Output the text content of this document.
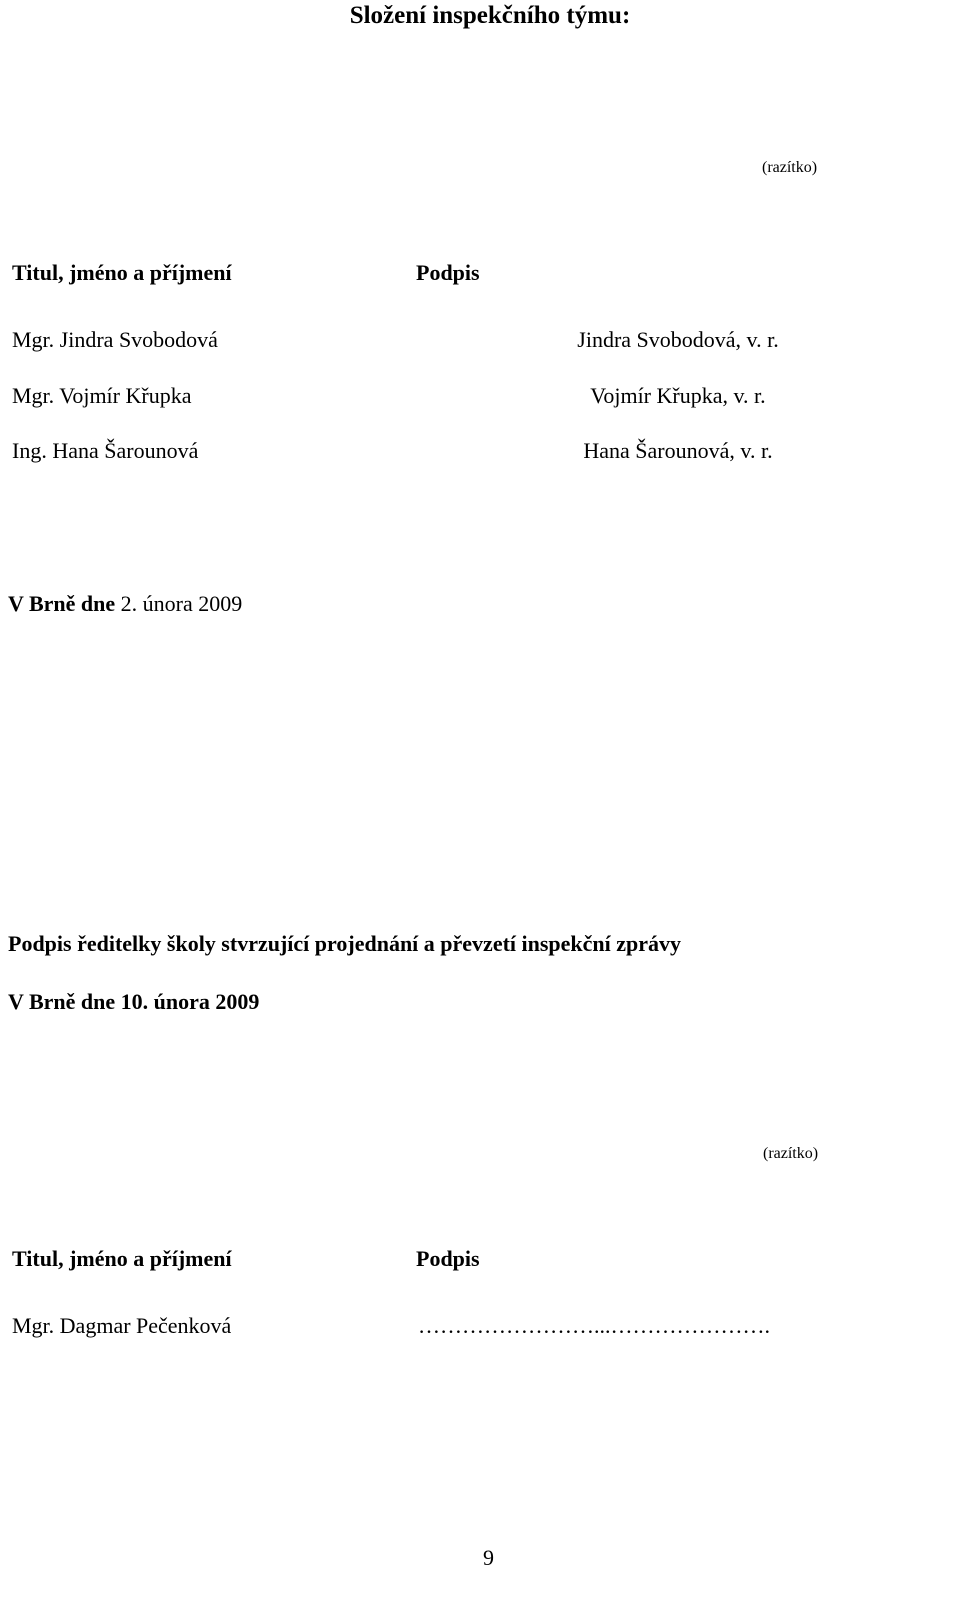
Složení inspekčního týmu:
(razítko)
Titul, jméno a příjmení	Podpis
Mgr. Jindra Svobodová	Jindra Svobodová, v. r.
Mgr. Vojmír Křupka	Vojmír Křupka, v. r.
Ing. Hana Šarounová	Hana Šarounová, v. r.
V Brně dne 2. února 2009
Podpis ředitelky školy stvrzující projednání a převzetí inspekční zprávy
V Brně dne 10. února 2009
(razítko)
Titul, jméno a příjmení	Podpis
Mgr. Dagmar Pečenková	……………………...………………….
9
